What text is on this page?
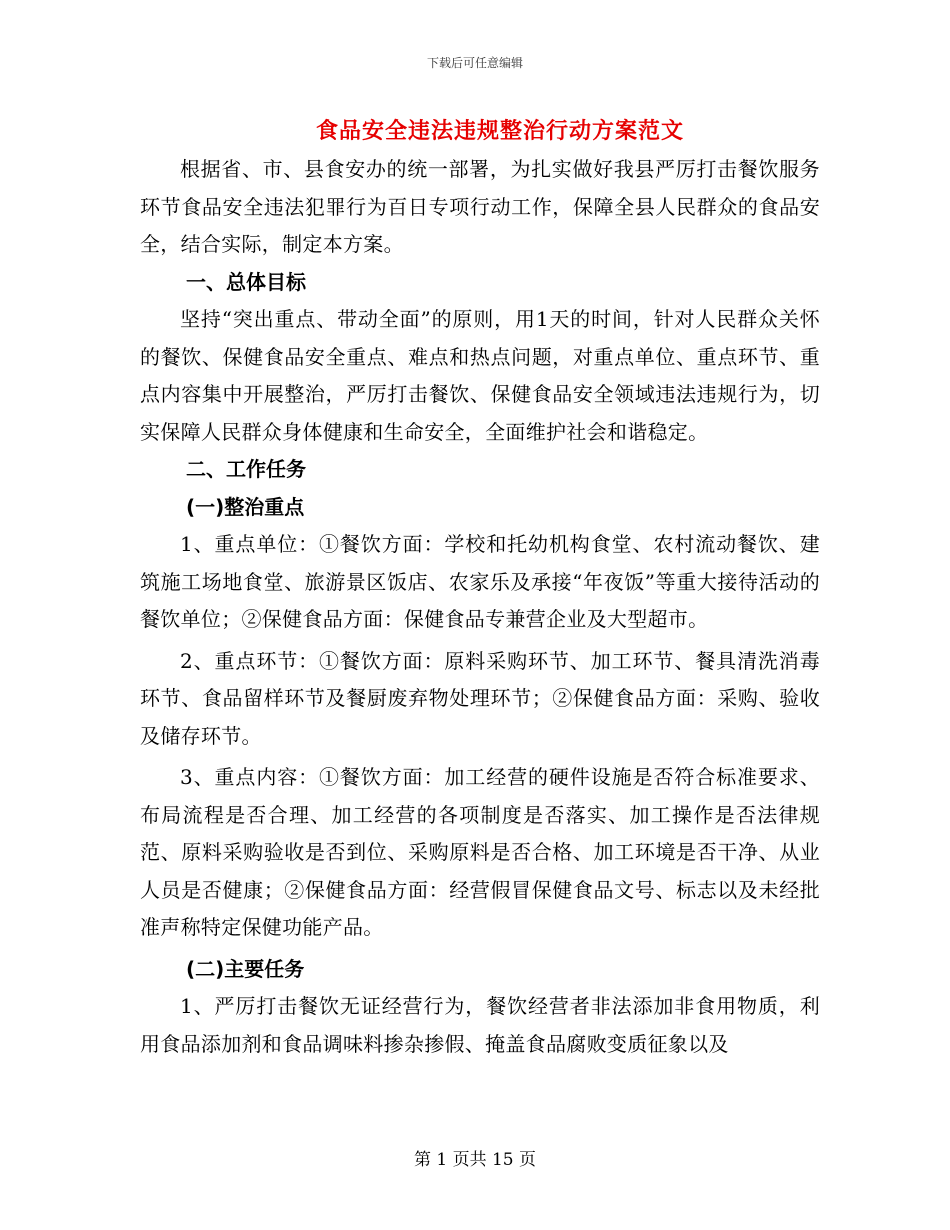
下载后可任意编辑
食品安全违法违规整治行动方案范文

根据省、市、县食安办的统一部署，为扎实做好我县严厉打击餐饮服务环节食品安全违法犯罪行为百日专项行动工作，保障全县人民群众的食品安全，结合实际，制定本方案。

一、总体目标

坚持“突出重点、带动全面”的原则，用1天的时间，针对人民群众关怀的餐饮、保健食品安全重点、难点和热点问题，对重点单位、重点环节、重点内容集中开展整治，严厉打击餐饮、保健食品安全领域违法违规行为，切实保障人民群众身体健康和生命安全，全面维护社会和谐稳定。

二、工作任务

(一)整治重点

1、重点单位：①餐饮方面：学校和托幼机构食堂、农村流动餐饮、建筑施工场地食堂、旅游景区饭店、农家乐及承接“年夜饭”等重大接待活动的餐饮单位；②保健食品方面：保健食品专兼营企业及大型超市。

2、重点环节：①餐饮方面：原料采购环节、加工环节、餐具清洗消毒环节、食品留样环节及餐厨废弃物处理环节；②保健食品方面：采购、验收及储存环节。

3、重点内容：①餐饮方面：加工经营的硬件设施是否符合标准要求、布局流程是否合理、加工经营的各项制度是否落实、加工操作是否法律规范、原料采购验收是否到位、采购原料是否合格、加工环境是否干净、从业人员是否健康；②保健食品方面：经营假冒保健食品文号、标志以及未经批准声称特定保健功能产品。

(二)主要任务

1、严厉打击餐饮无证经营行为，餐饮经营者非法添加非食用物质，利用食品添加剂和食品调味料掺杂掺假、掩盖食品腐败变质征象以及

第 1 页共 15 页
